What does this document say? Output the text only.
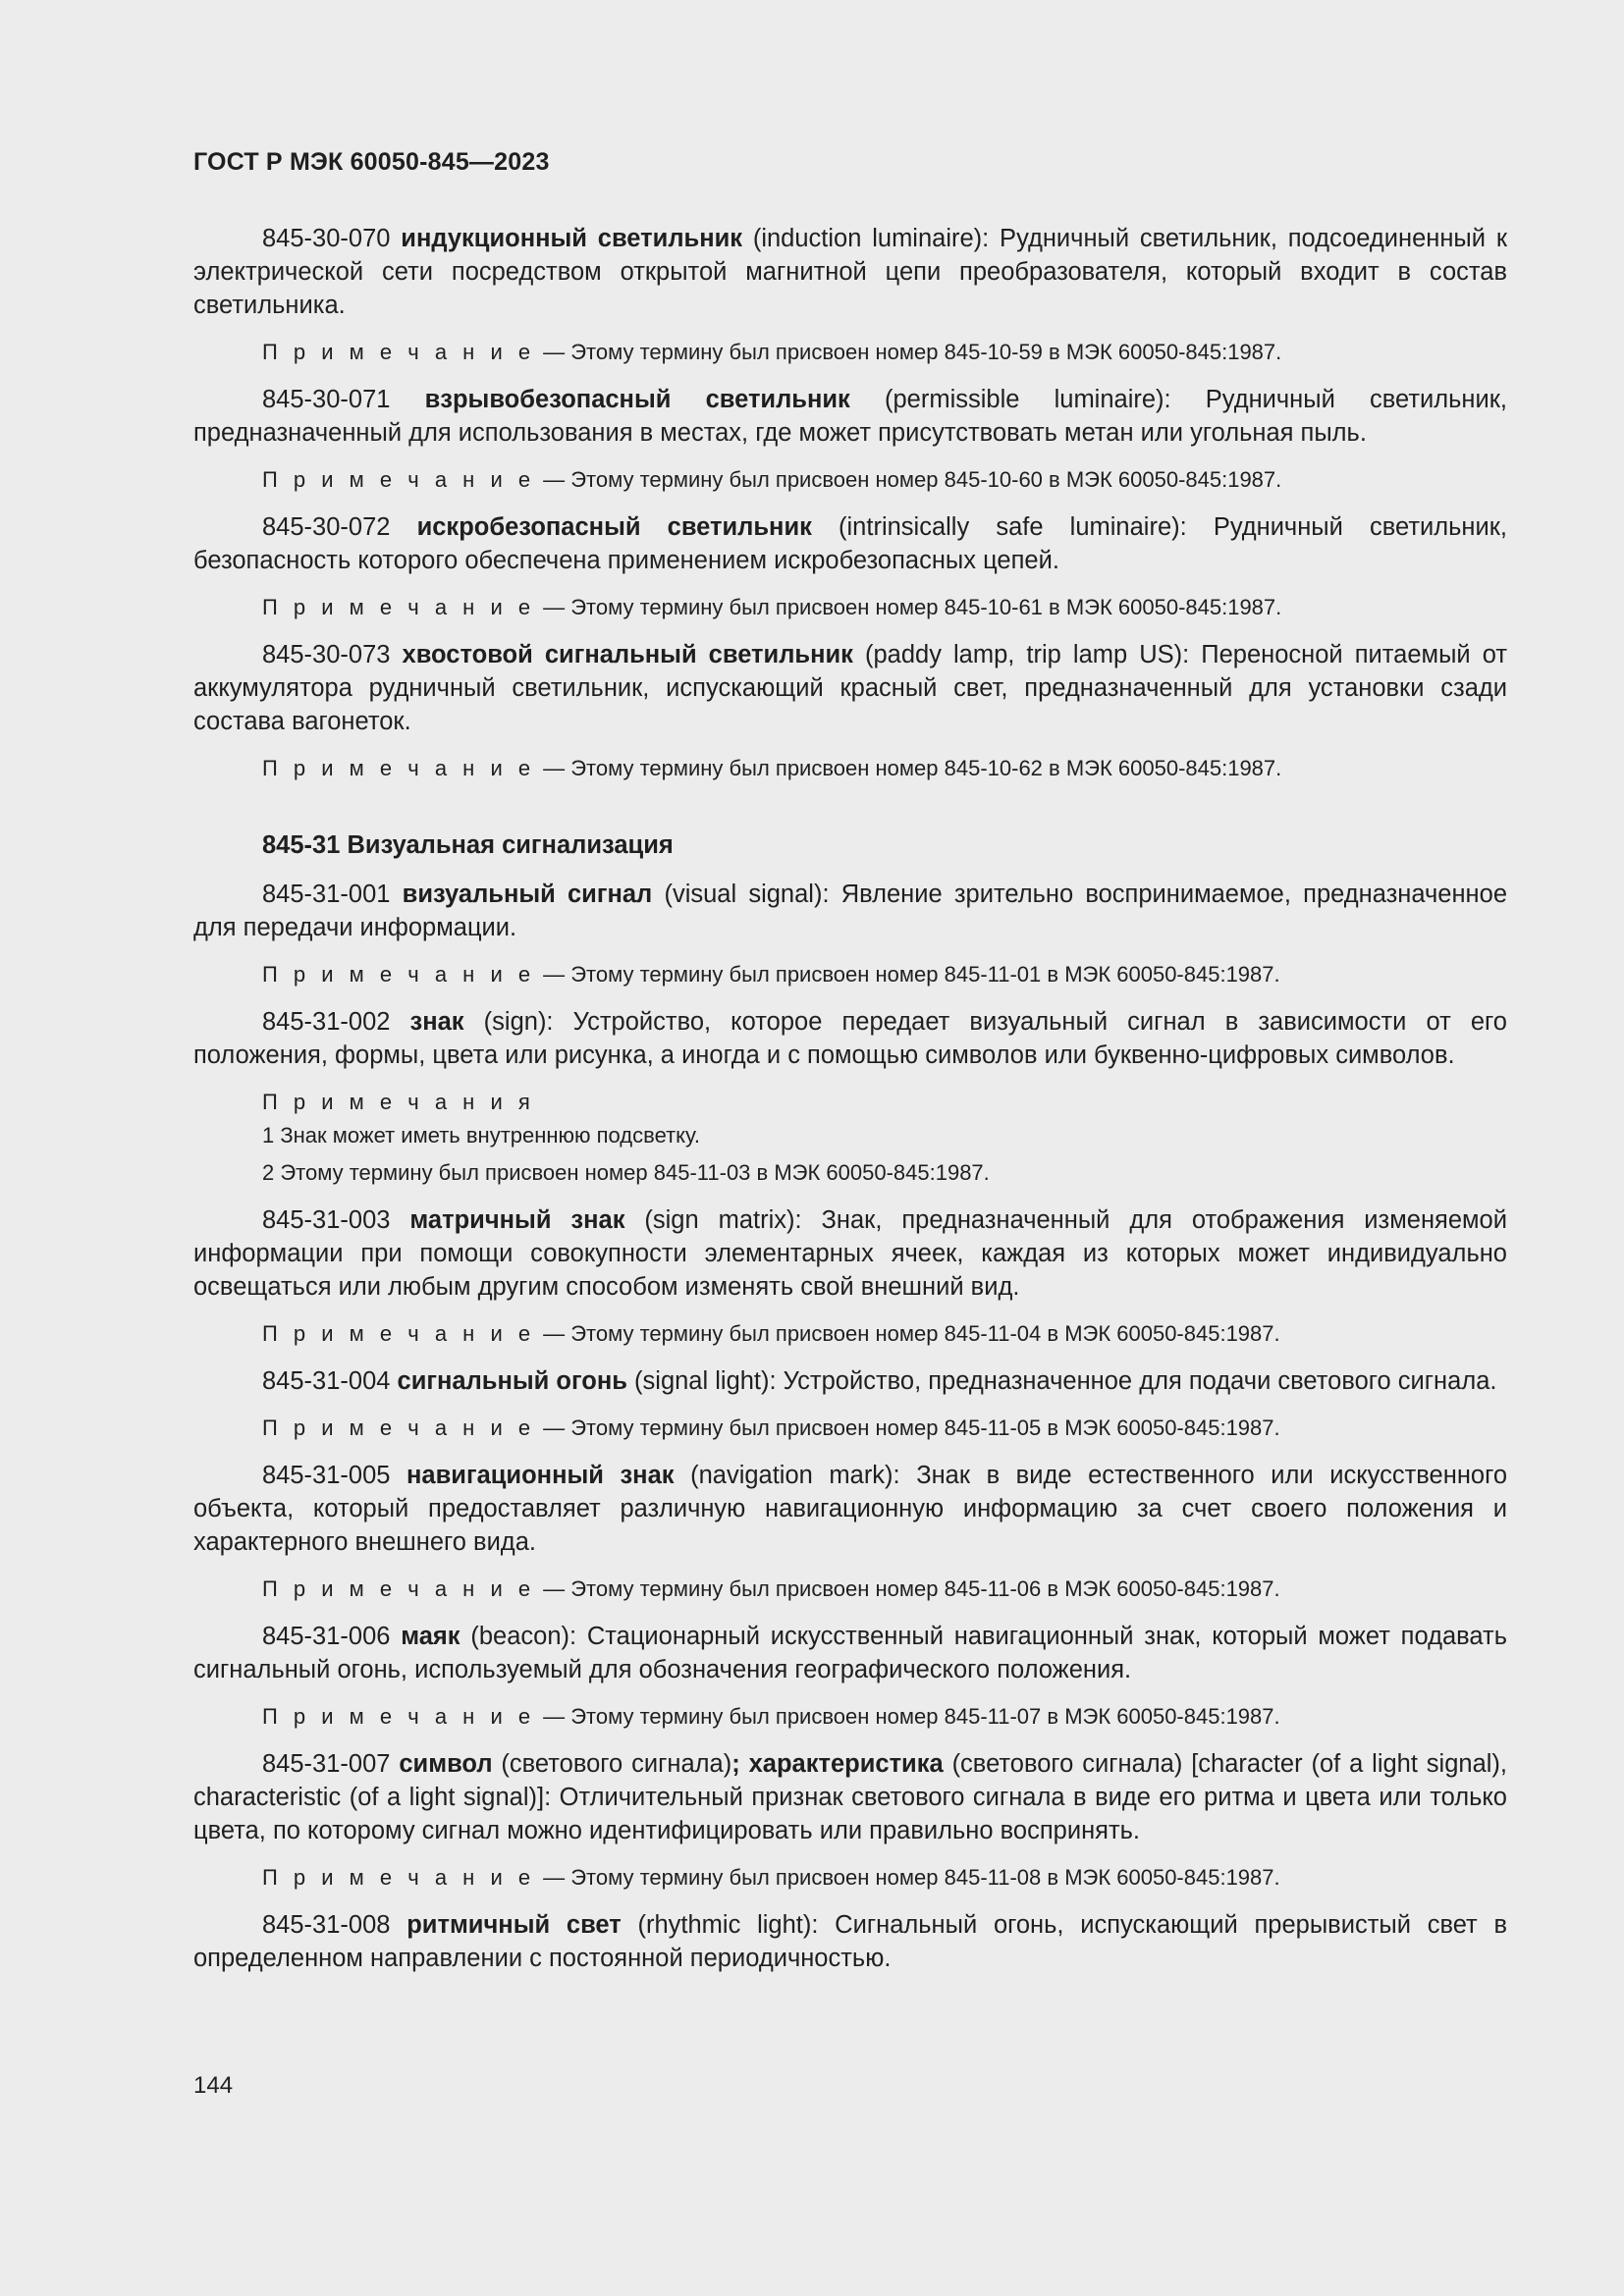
ГОСТ Р МЭК 60050-845—2023

845-30-070 индукционный светильник (induction luminaire): Рудничный светильник, подсоединенный к электрической сети посредством открытой магнитной цепи преобразователя, который входит в состав светильника.

П р и м е ч а н и е — Этому термину был присвоен номер 845-10-59 в МЭК 60050-845:1987.

845-30-071 взрывобезопасный светильник (permissible luminaire): Рудничный светильник, предназначенный для использования в местах, где может присутствовать метан или угольная пыль.

П р и м е ч а н и е — Этому термину был присвоен номер 845-10-60 в МЭК 60050-845:1987.

845-30-072 искробезопасный светильник (intrinsically safe luminaire): Рудничный светильник, безопасность которого обеспечена применением искробезопасных цепей.

П р и м е ч а н и е — Этому термину был присвоен номер 845-10-61 в МЭК 60050-845:1987.

845-30-073 хвостовой сигнальный светильник (paddy lamp, trip lamp US): Переносной питаемый от аккумулятора рудничный светильник, испускающий красный свет, предназначенный для установки сзади состава вагонеток.

П р и м е ч а н и е — Этому термину был присвоен номер 845-10-62 в МЭК 60050-845:1987.

845-31 Визуальная сигнализация

845-31-001 визуальный сигнал (visual signal): Явление зрительно воспринимаемое, предназначенное для передачи информации.

П р и м е ч а н и е — Этому термину был присвоен номер 845-11-01 в МЭК 60050-845:1987.

845-31-002 знак (sign): Устройство, которое передает визуальный сигнал в зависимости от его положения, формы, цвета или рисунка, а иногда и с помощью символов или буквенно-цифровых символов.

П р и м е ч а н и я
1 Знак может иметь внутреннюю подсветку.
2 Этому термину был присвоен номер 845-11-03 в МЭК 60050-845:1987.

845-31-003 матричный знак (sign matrix): Знак, предназначенный для отображения изменяемой информации при помощи совокупности элементарных ячеек, каждая из которых может индивидуально освещаться или любым другим способом изменять свой внешний вид.

П р и м е ч а н и е — Этому термину был присвоен номер 845-11-04 в МЭК 60050-845:1987.

845-31-004 сигнальный огонь (signal light): Устройство, предназначенное для подачи светового сигнала.

П р и м е ч а н и е — Этому термину был присвоен номер 845-11-05 в МЭК 60050-845:1987.

845-31-005 навигационный знак (navigation mark): Знак в виде естественного или искусственного объекта, который предоставляет различную навигационную информацию за счет своего положения и характерного внешнего вида.

П р и м е ч а н и е — Этому термину был присвоен номер 845-11-06 в МЭК 60050-845:1987.

845-31-006 маяк (beacon): Стационарный искусственный навигационный знак, который может подавать сигнальный огонь, используемый для обозначения географического положения.

П р и м е ч а н и е — Этому термину был присвоен номер 845-11-07 в МЭК 60050-845:1987.

845-31-007 символ (светового сигнала); характеристика (светового сигнала) [character (of a light signal), characteristic (of a light signal)]: Отличительный признак светового сигнала в виде его ритма и цвета или только цвета, по которому сигнал можно идентифицировать или правильно воспринять.

П р и м е ч а н и е — Этому термину был присвоен номер 845-11-08 в МЭК 60050-845:1987.

845-31-008 ритмичный свет (rhythmic light): Сигнальный огонь, испускающий прерывистый свет в определенном направлении с постоянной периодичностью.

144
